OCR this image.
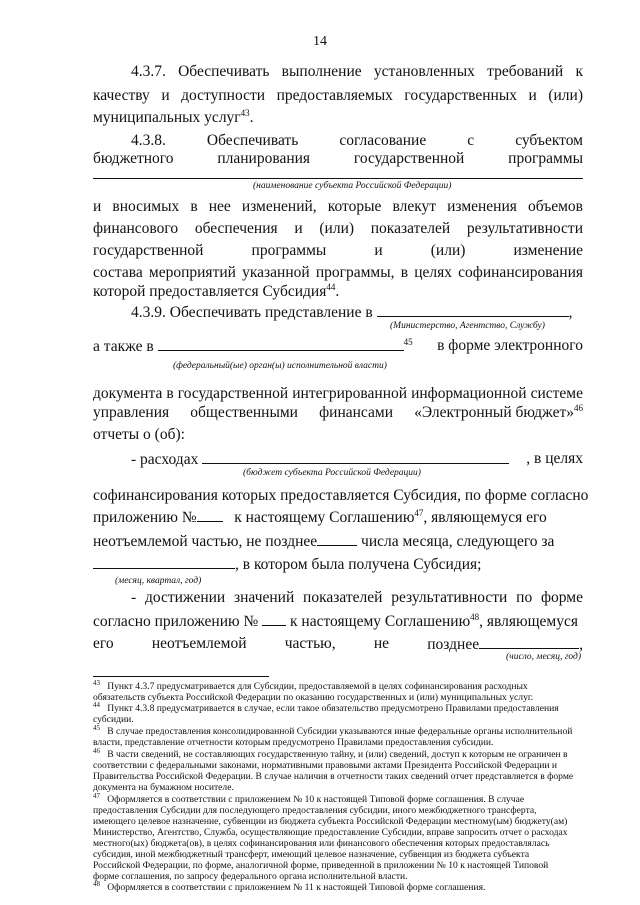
14
4.3.7. Обеспечивать выполнение установленных требований к
качеству и доступности предоставляемых государственных и (или)
муниципальных услуг$^{43}$.
4.3.8. Обеспечивать согласование с субъектом
бюджетного планирования государственной программы
(наименование субъекта Российской Федерации)
и вносимых в нее изменений, которые влекут изменения объемов
финансового обеспечения и (или) показателей результативности
государственной программы и (или) изменение
состава мероприятий указанной программы, в целях софинансирования
которой предоставляется Субсидия$^{44}$.
4.3.9. Обеспечивать представление в	,
(Министерство, Агентство, Службу)
а также в	$^{45}$ в форме электронного
(федеральный(ые) орган(ы) исполнительной власти)
документа в государственной интегрированной информационной системе
управления общественными финансами «Электронный бюджет»$^{46}$
отчеты о (об):
- расходах	, в целях
(бюджет субъекта Российской Федерации)
софинансирования которых предоставляется Субсидия, по форме согласно
приложению № к настоящему Соглашению$^{47}$, являющемуся его
неотъемлемой частью, не позднее	числа месяца, следующего за
, в котором была получена Субсидия;
(месяц, квартал, год)
- достижении значений показателей результативности по форме
согласно приложению № к настоящему Соглашению$^{48}$, являющемуся
его неотъемлемой частью, не позднее	,
(число, месяц, год)
$^{43}$ Пункт 4.3.7 предусматривается для Субсидии, предоставляемой в целях софинансирования расходных
обязательств субъекта Российской Федерации по оказанию государственных и (или) муниципальных услуг.
$^{44}$ Пункт 4.3.8 предусматривается в случае, если такое обязательство предусмотрено Правилами предоставления
субсидии.
$^{45}$ В случае предоставления консолидированной Субсидии указываются иные федеральные органы исполнительной
власти, представление отчетности которым предусмотрено Правилами предоставления субсидии.
$^{46}$ В части сведений, не составляющих государственную тайну, и (или) сведений, доступ к которым не ограничен в
соответствии с федеральными законами, нормативными правовыми актами Президента Российской Федерации и
Правительства Российской Федерации. В случае наличия в отчетности таких сведений отчет представляется в форме
документа на бумажном носителе.
$^{47}$ Оформляется в соответствии с приложением № 10 к настоящей Типовой форме соглашения. В случае
предоставления Субсидии для последующего предоставления субсидии, иного межбюджетного трансферта,
имеющего целевое назначение, субвенции из бюджета субъекта Российской Федерации местному(ым) бюджету(ам)
Министерство, Агентство, Служба, осуществляющие предоставление Субсидии, вправе запросить отчет о расходах
местного(ых) бюджета(ов), в целях софинансирования или финансового обеспечения которых предоставлялась
субсидия, иной межбюджетный трансферт, имеющий целевое назначение, субвенция из бюджета субъекта
Российской Федерации, по форме, аналогичной форме, приведенной в приложении № 10 к настоящей Типовой
форме соглашения, по запросу федерального органа исполнительной власти.
$^{48}$ Оформляется в соответствии с приложением № 11 к настоящей Типовой форме соглашения.
